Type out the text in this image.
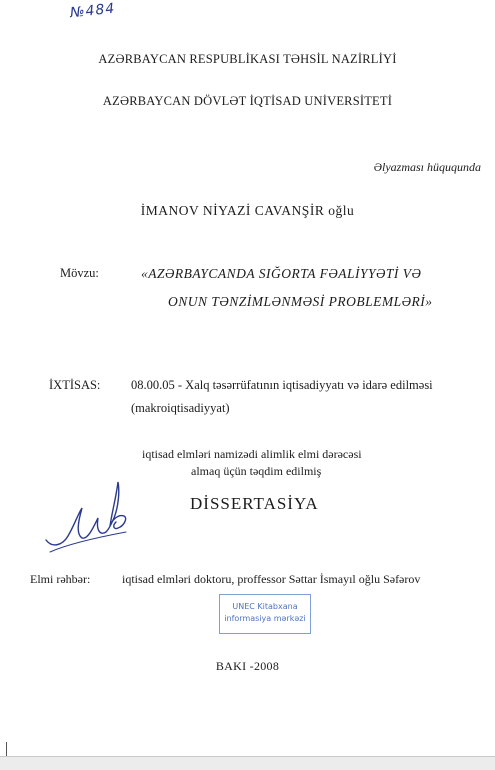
№484
AZƏRBAYCAN RESPUBLİKASI TƏHSİL NAZİRLİYİ
AZƏRBAYCAN DÖVLƏT İQTİSAD UNİVERSİTETİ
Əlyazması hüququnda
İMANOV NİYAZİ CAVANŞİR oğlu
Mövzu:	«AZƏRBAYCANDA SIĞORTA FƏALİYYƏTİ VƏ
ONUN TƏNZİMLƏNMƏSİ PROBLEMLƏRİ»
İXTİSAS: 08.00.05 - Xalq təsərrüfatının iqtisadiyyatı və idarə edilməsi
(makroiqtisadiyyat)
iqtisad elmləri namizədi alimlik elmi dərəcəsi
almaq üçün təqdim edilmiş
DİSSERTASİYA
Elmi rəhbər:	iqtisad elmləri doktoru, proffessor Səttar İsmayıl oğlu Səfərov
UNEC Kitabxana
informasiya mərkəzi
BAKI -2008
